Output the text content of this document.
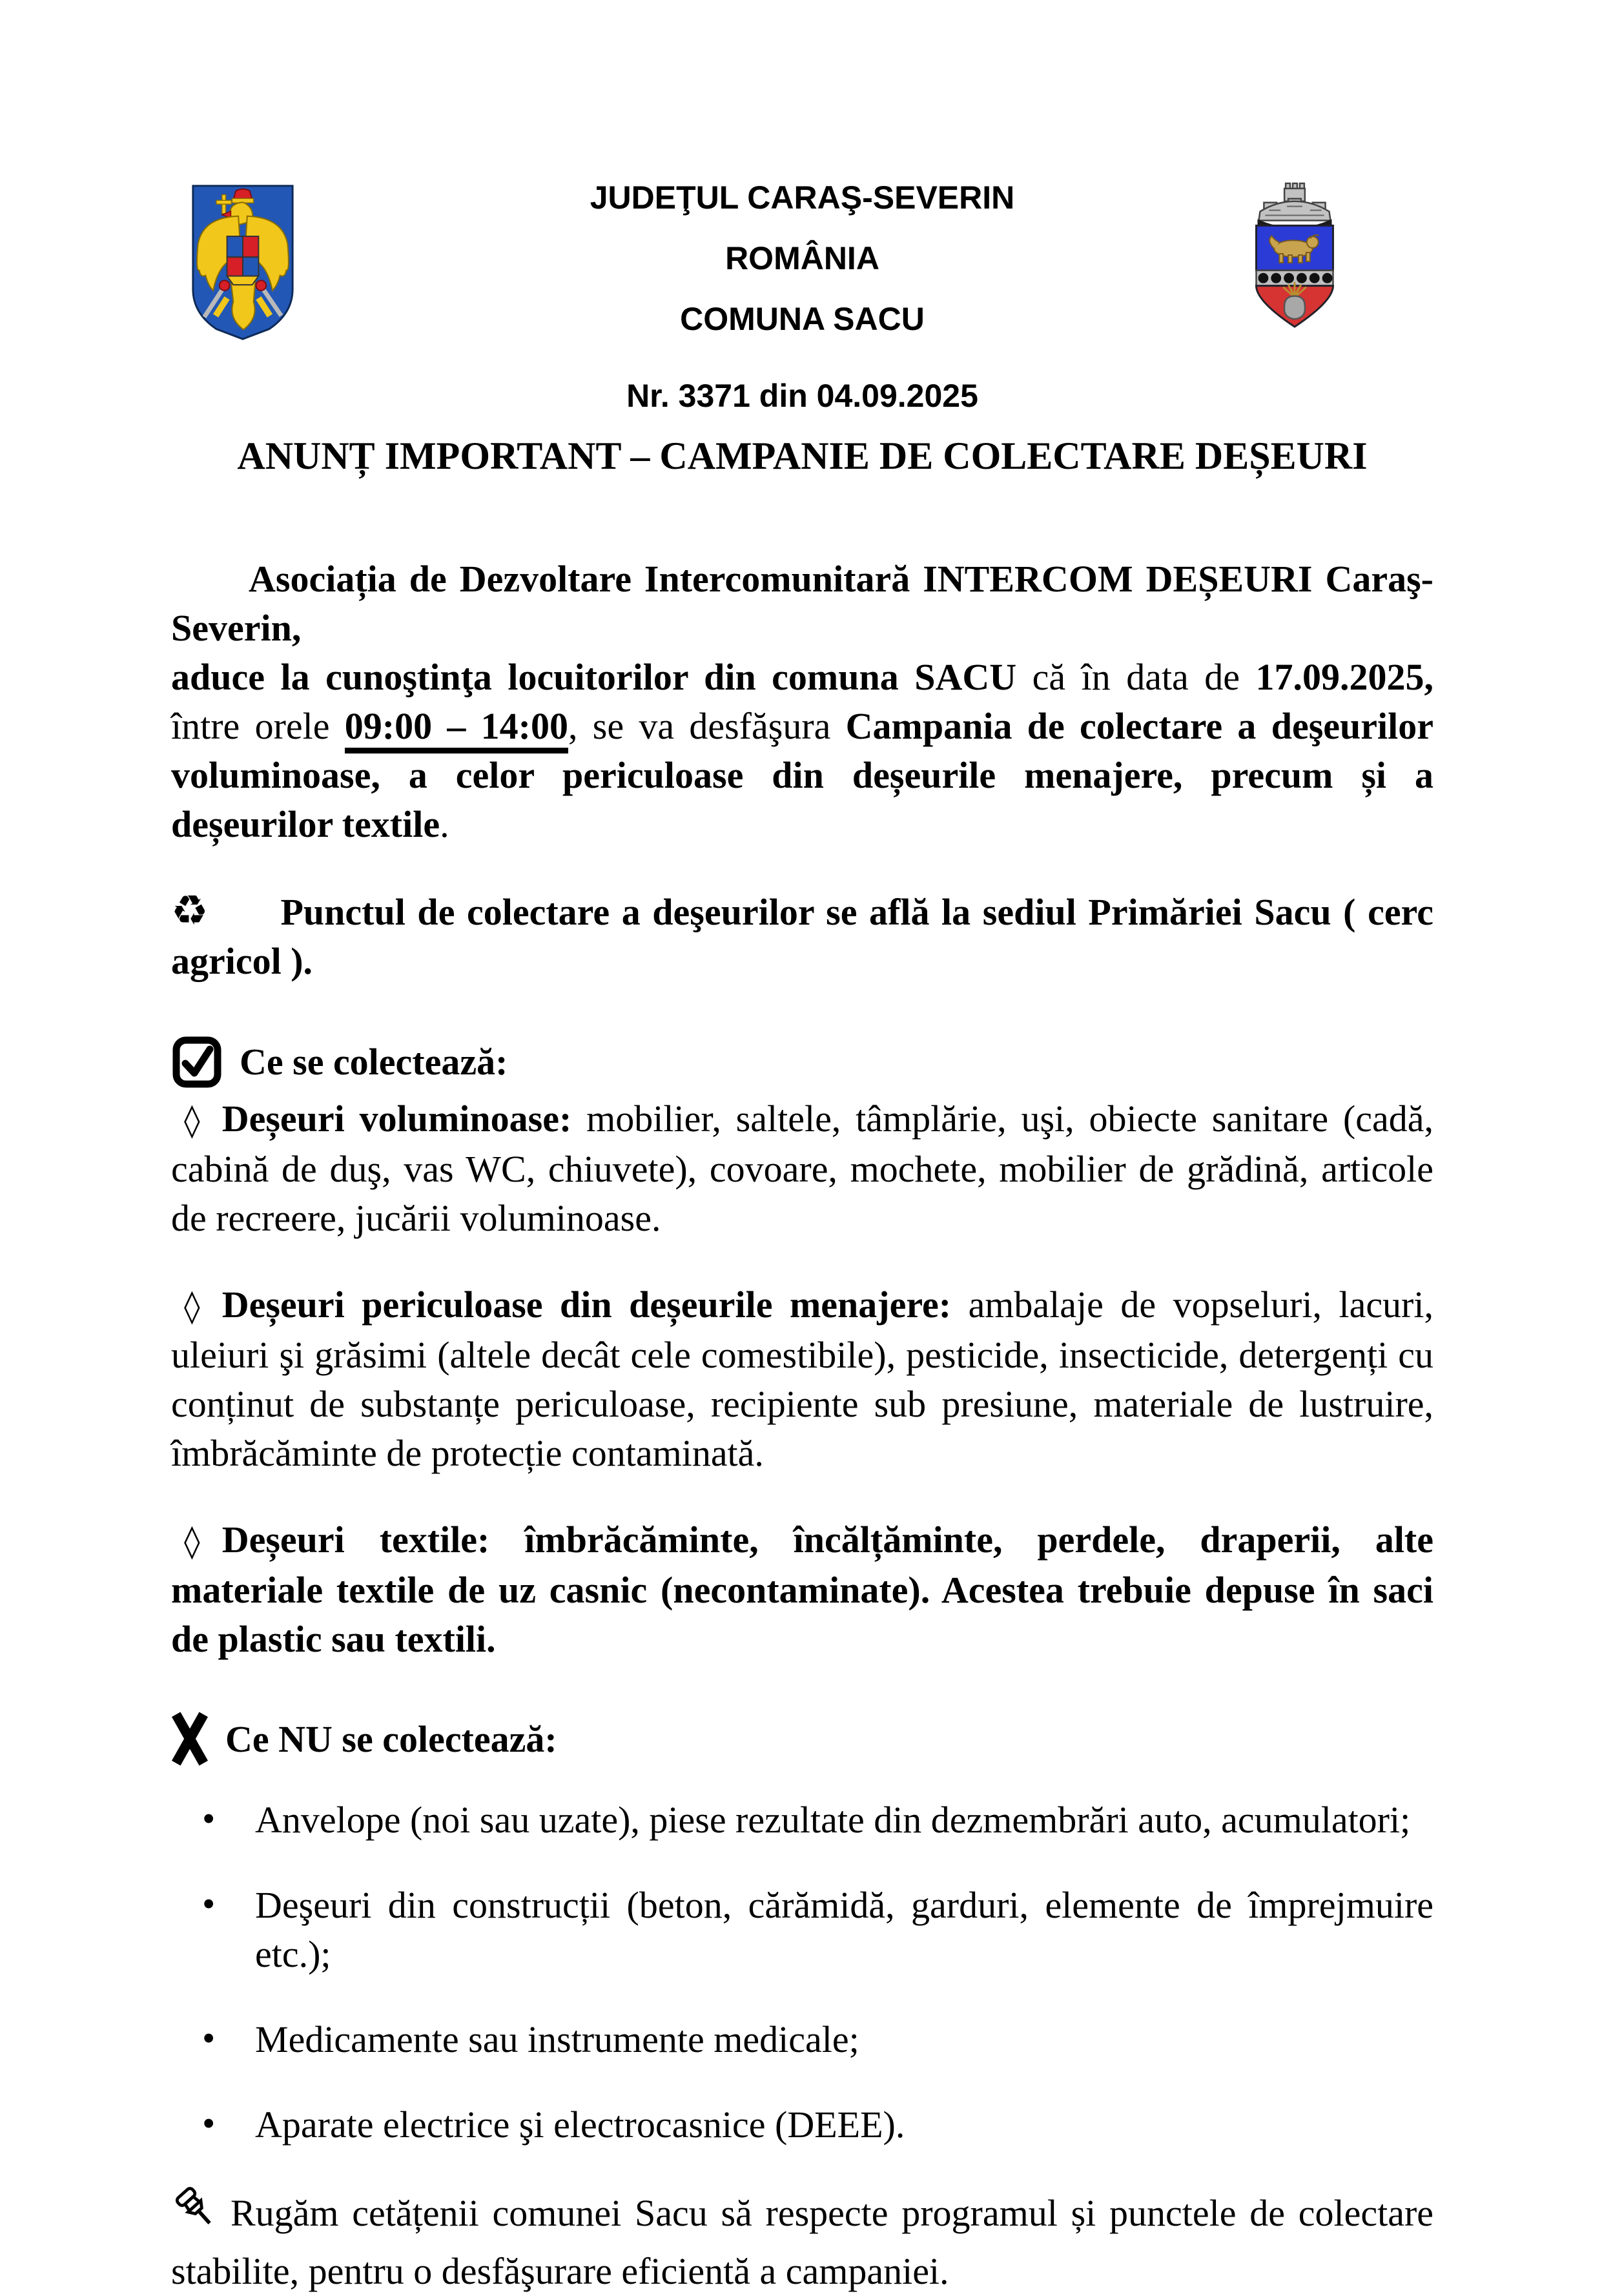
JUDEŢUL CARAŞ-SEVERIN
ROMÂNIA
COMUNA SACU
Nr. 3371 din 04.09.2025
ANUNȚ IMPORTANT – CAMPANIE DE COLECTARE DEȘEURI

Asociația de Dezvoltare Intercomunitară INTERCOM DEȘEURI Caraş-Severin,
aduce la cunoştinţa locuitorilor din comuna SACU că în data de 17.09.2025, între orele 09:00 – 14:00, se va desfăşura Campania de colectare a deşeurilor voluminoase, a celor periculoase din deșeurile menajere, precum și a deșeurilor textile.

♻ Punctul de colectare a deşeurilor se află la sediul Primăriei Sacu ( cerc agricol ).

Ce se colectează:

◊ Deșeuri voluminoase: mobilier, saltele, tâmplărie, uşi, obiecte sanitare (cadă, cabină de duş, vas WC, chiuvete), covoare, mochete, mobilier de grădină, articole de recreere, jucării voluminoase.

◊ Deșeuri periculoase din deșeurile menajere: ambalaje de vopseluri, lacuri, uleiuri şi grăsimi (altele decât cele comestibile), pesticide, insecticide, detergenți cu conținut de substanțe periculoase, recipiente sub presiune, materiale de lustruire, îmbrăcăminte de protecție contaminată.

◊ Deșeuri textile: îmbrăcăminte, încălțăminte, perdele, draperii, alte materiale textile de uz casnic (necontaminate). Acestea trebuie depuse în saci de plastic sau textili.

Ce NU se colectează:
• Anvelope (noi sau uzate), piese rezultate din dezmembrări auto, acumulatori;
• Deşeuri din construcții (beton, cărămidă, garduri, elemente de împrejmuire etc.);
• Medicamente sau instrumente medicale;
• Aparate electrice şi electrocasnice (DEEE).

Rugăm cetățenii comunei Sacu să respecte programul și punctele de colectare stabilite, pentru o desfăşurare eficientă a campaniei.
